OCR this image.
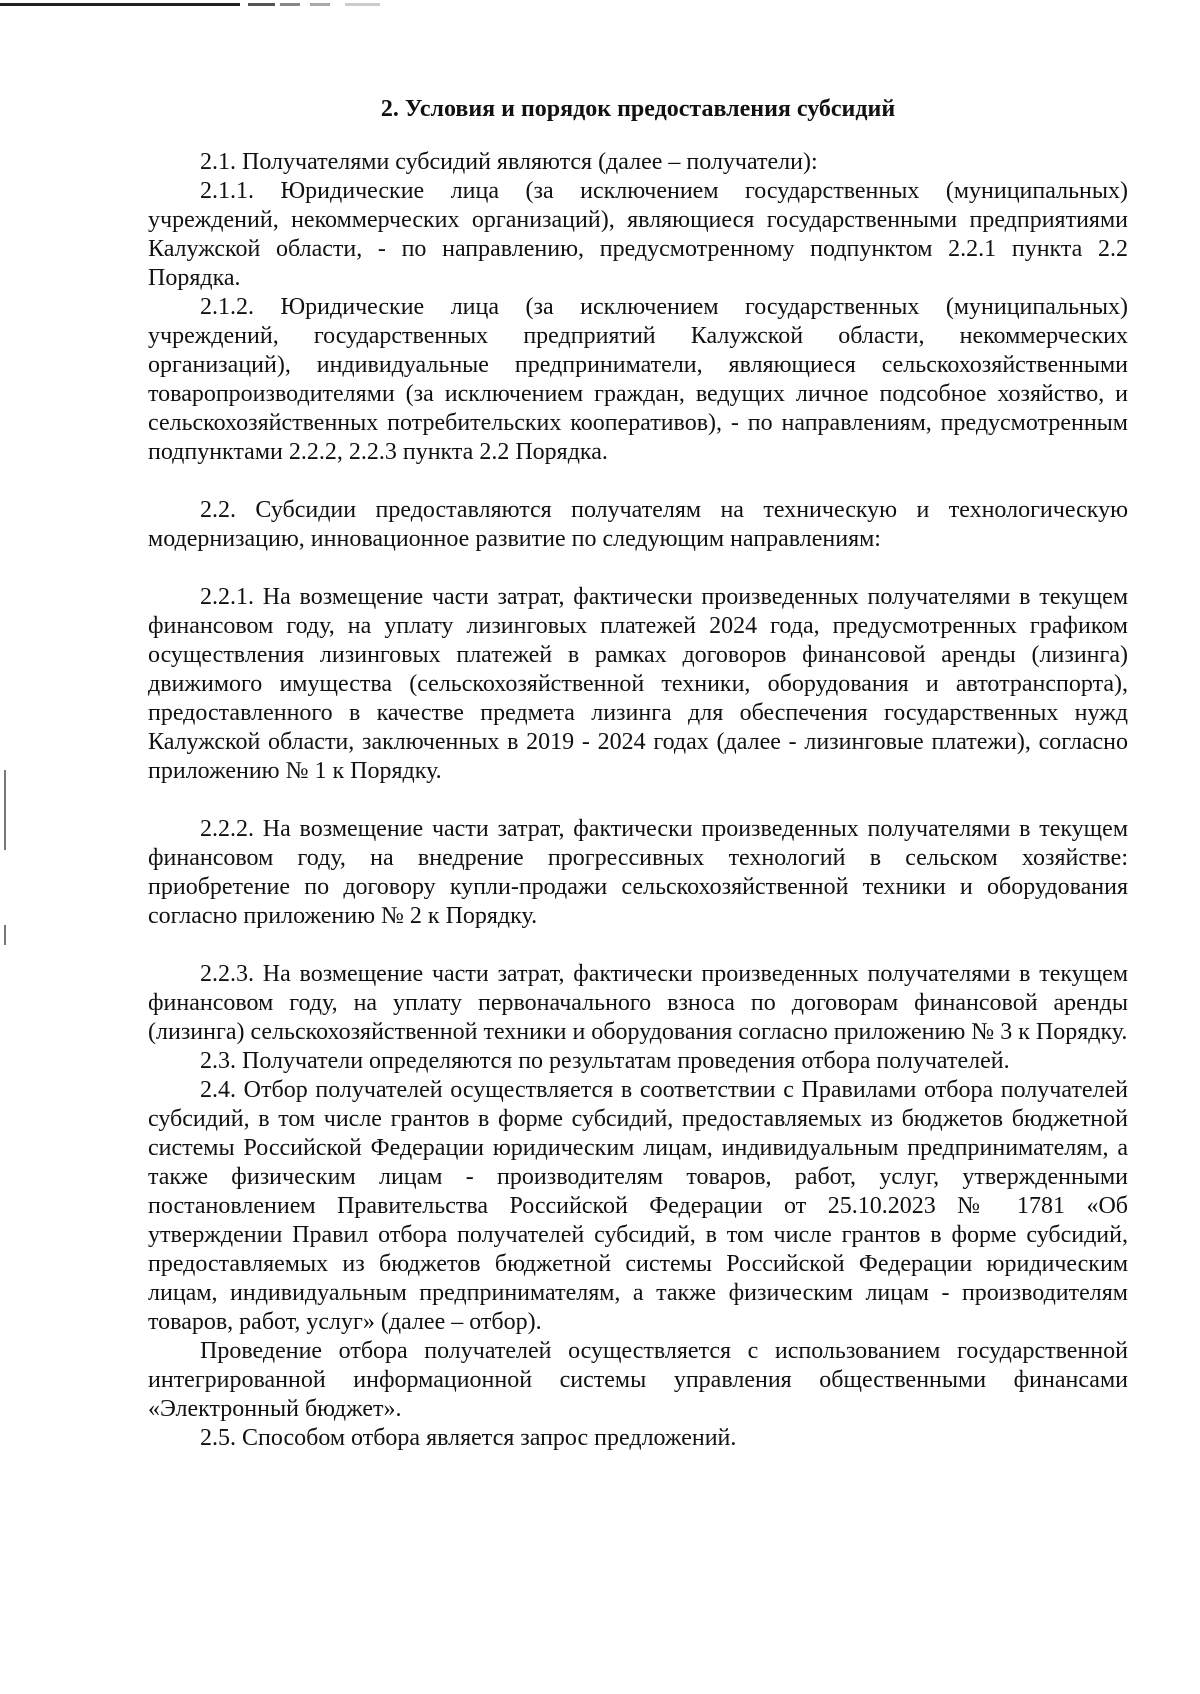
2. Условия и порядок предоставления субсидий

2.1. Получателями субсидий являются (далее – получатели):

2.1.1. Юридические лица (за исключением государственных (муниципальных) учреждений, некоммерческих организаций), являющиеся государственными предприятиями Калужской области, - по направлению, предусмотренному подпунктом 2.2.1 пункта 2.2 Порядка.

2.1.2. Юридические лица (за исключением государственных (муниципальных) учреждений, государственных предприятий Калужской области, некоммерческих организаций), индивидуальные предприниматели, являющиеся сельскохозяйственными товаропроизводителями (за исключением граждан, ведущих личное подсобное хозяйство, и сельскохозяйственных потребительских кооперативов), - по направлениям, предусмотренным подпунктами 2.2.2, 2.2.3 пункта 2.2 Порядка.

2.2. Субсидии предоставляются получателям на техническую и технологическую модернизацию, инновационное развитие по следующим направлениям:

2.2.1. На возмещение части затрат, фактически произведенных получателями в текущем финансовом году, на уплату лизинговых платежей 2024 года, предусмотренных графиком осуществления лизинговых платежей в рамках договоров финансовой аренды (лизинга) движимого имущества (сельскохозяйственной техники, оборудования и автотранспорта), предоставленного в качестве предмета лизинга для обеспечения государственных нужд Калужской области, заключенных в 2019 - 2024 годах (далее - лизинговые платежи), согласно приложению № 1 к Порядку.

2.2.2. На возмещение части затрат, фактически произведенных получателями в текущем финансовом году, на внедрение прогрессивных технологий в сельском хозяйстве: приобретение по договору купли-продажи сельскохозяйственной техники и оборудования согласно приложению № 2 к Порядку.

2.2.3. На возмещение части затрат, фактически произведенных получателями в текущем финансовом году, на уплату первоначального взноса по договорам финансовой аренды (лизинга) сельскохозяйственной техники и оборудования согласно приложению № 3 к Порядку.

2.3. Получатели определяются по результатам проведения отбора получателей.

2.4. Отбор получателей осуществляется в соответствии с Правилами отбора получателей субсидий, в том числе грантов в форме субсидий, предоставляемых из бюджетов бюджетной системы Российской Федерации юридическим лицам, индивидуальным предпринимателям, а также физическим лицам - производителям товаров, работ, услуг, утвержденными постановлением Правительства Российской Федерации от 25.10.2023 № 1781 «Об утверждении Правил отбора получателей субсидий, в том числе грантов в форме субсидий, предоставляемых из бюджетов бюджетной системы Российской Федерации юридическим лицам, индивидуальным предпринимателям, а также физическим лицам - производителям товаров, работ, услуг» (далее – отбор).

Проведение отбора получателей осуществляется с использованием государственной интегрированной информационной системы управления общественными финансами «Электронный бюджет».

2.5. Способом отбора является запрос предложений.
